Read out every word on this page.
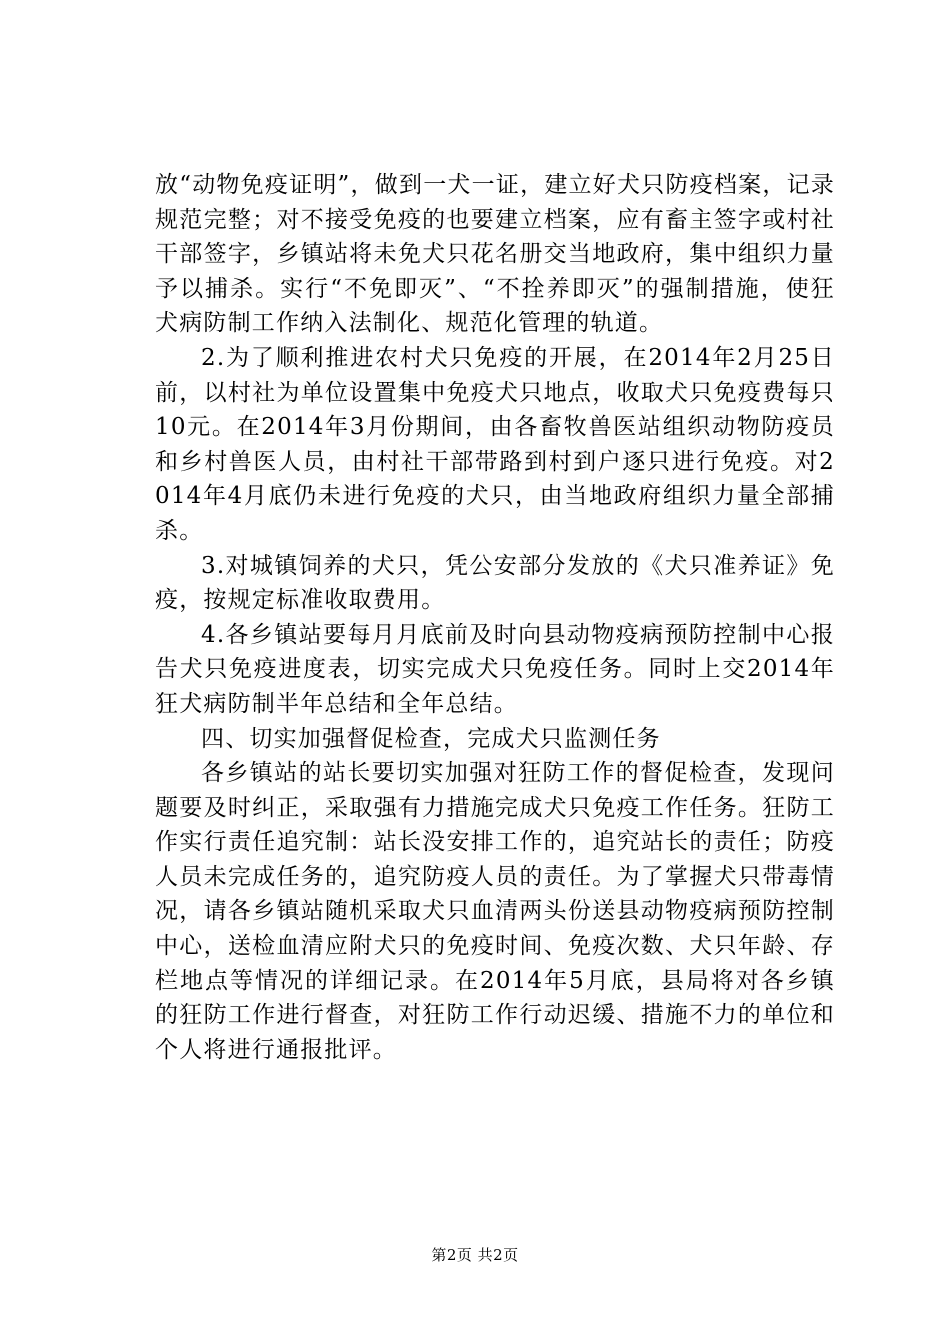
放“动物免疫证明”，做到一犬一证，建立好犬只防疫档案，记录规范完整；对不接受免疫的也要建立档案，应有畜主签字或村社干部签字，乡镇站将未免犬只花名册交当地政府，集中组织力量予以捕杀。实行“不免即灭”、“不拴养即灭”的强制措施，使狂犬病防制工作纳入法制化、规范化管理的轨道。

2.为了顺利推进农村犬只免疫的开展，在2014年2月25日前，以村社为单位设置集中免疫犬只地点，收取犬只免疫费每只10元。在2014年3月份期间，由各畜牧兽医站组织动物防疫员和乡村兽医人员，由村社干部带路到村到户逐只进行免疫。对2014年4月底仍未进行免疫的犬只，由当地政府组织力量全部捕杀。

3.对城镇饲养的犬只，凭公安部分发放的《犬只准养证》免疫，按规定标准收取费用。

4.各乡镇站要每月月底前及时向县动物疫病预防控制中心报告犬只免疫进度表，切实完成犬只免疫任务。同时上交2014年狂犬病防制半年总结和全年总结。

四、切实加强督促检查，完成犬只监测任务

各乡镇站的站长要切实加强对狂防工作的督促检查，发现问题要及时纠正，采取强有力措施完成犬只免疫工作任务。狂防工作实行责任追究制：站长没安排工作的，追究站长的责任；防疫人员未完成任务的，追究防疫人员的责任。为了掌握犬只带毒情况，请各乡镇站随机采取犬只血清两头份送县动物疫病预防控制中心，送检血清应附犬只的免疫时间、免疫次数、犬只年龄、存栏地点等情况的详细记录。在2014年5月底，县局将对各乡镇的狂防工作进行督查，对狂防工作行动迟缓、措施不力的单位和个人将进行通报批评。

第2页 共2页
